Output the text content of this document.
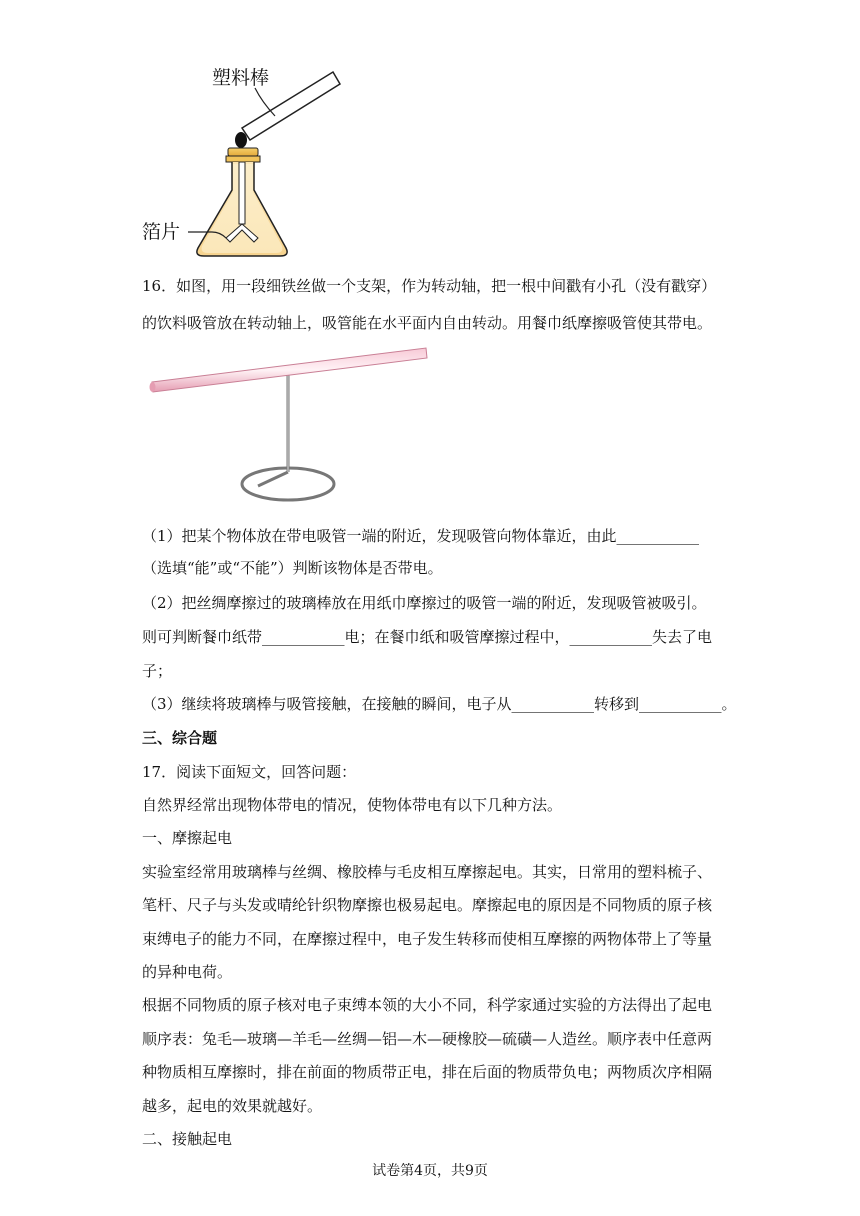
塑料棒
箔片
16．如图，用一段细铁丝做一个支架，作为转动轴，把一根中间戳有小孔（没有戳穿）
的饮料吸管放在转动轴上，吸管能在水平面内自由转动。用餐巾纸摩擦吸管使其带电。
（1）把某个物体放在带电吸管一端的附近，发现吸管向物体靠近，由此___________
（选填“能”或“不能”）判断该物体是否带电。
（2）把丝绸摩擦过的玻璃棒放在用纸巾摩擦过的吸管一端的附近，发现吸管被吸引。
则可判断餐巾纸带___________电；在餐巾纸和吸管摩擦过程中，___________失去了电
子；
（3）继续将玻璃棒与吸管接触，在接触的瞬间，电子从___________转移到___________。
三、综合题
17．阅读下面短文，回答问题：
自然界经常出现物体带电的情况，使物体带电有以下几种方法。
一、摩擦起电
实验室经常用玻璃棒与丝绸、橡胶棒与毛皮相互摩擦起电。其实，日常用的塑料梳子、
笔杆、尺子与头发或晴纶针织物摩擦也极易起电。摩擦起电的原因是不同物质的原子核
束缚电子的能力不同，在摩擦过程中，电子发生转移而使相互摩擦的两物体带上了等量
的异种电荷。
根据不同物质的原子核对电子束缚本领的大小不同，科学家通过实验的方法得出了起电
顺序表：兔毛—玻璃—羊毛—丝绸—铝—木—硬橡胶—硫磺—人造丝。顺序表中任意两
种物质相互摩擦时，排在前面的物质带正电，排在后面的物质带负电；两物质次序相隔
越多，起电的效果就越好。
二、接触起电
试卷第4页，共9页
